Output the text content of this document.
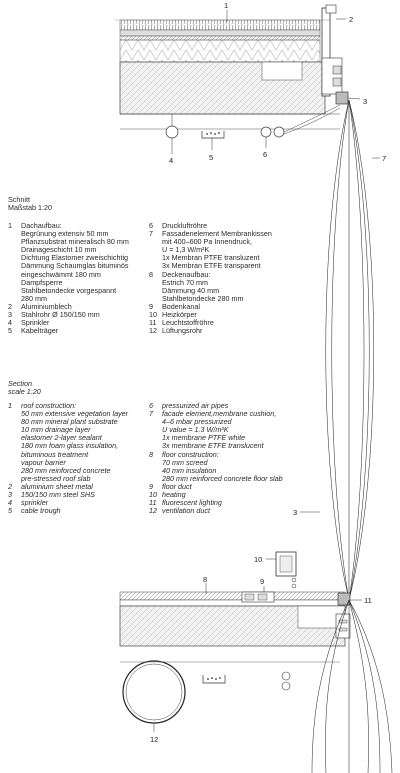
1
2
3
4	5	6	7
3
8
10
9
11
12
Schnitt
Maßstab 1:20
1	Dachaufbau:
Begrünung extensiv 50 mm
Pflanzsubstrat mineralisch 80 mm
Drainageschicht 10 mm
Dichtung Elastomer zweischichtig
Dämmung Schaumglas bituminös
eingeschwämmt 180 mm
Dampfsperre
Stahlbetondecke vorgespannt
280 mm
2	Aluminiumblech
3	Stahlrohr Ø 150/150 mm
4	Sprinkler
5	Kabelträger
6	Druckluftröhre
7	Fassadenelement Membrankissen
mit 400–600 Pa Innendruck,
U = 1,3 W/m²K
1x Membran PTFE transluzent
3x Membran ETFE transparent
8	Deckenaufbau:
Estrich 70 mm
Dämmung 40 mm
Stahlbetondecke 280 mm
9	Bodenkanal
10 Heizkörper
11 Leuchtstoffröhre
12 Lüftungsrohr
Section
scale 1:20
1	roof construction:
50 mm extensive vegetation layer
80 mm mineral plant substrate
10 mm drainage layer
elastomer 2-layer sealant
180 mm foam glass insulation,
bituminous treatment
vapour barrier
280 mm reinforced concrete
pre-stressed roof slab
2	aluminium sheet metal
3	150/150 mm steel SHS
4	sprinkler
5	cable trough
6	pressurized air pipes
7	facade element,membrane cushion,
4–6 mbar pressurized
U value = 1.3 W/m²K
1x membrane PTFE white
3x membrane ETFE translucent
8	floor construction:
70 mm screed
40 mm insulation
280 mm reinforced concrete floor slab
9	floor duct
10 heating
11 fluorescent lighting
12 ventilation duct
